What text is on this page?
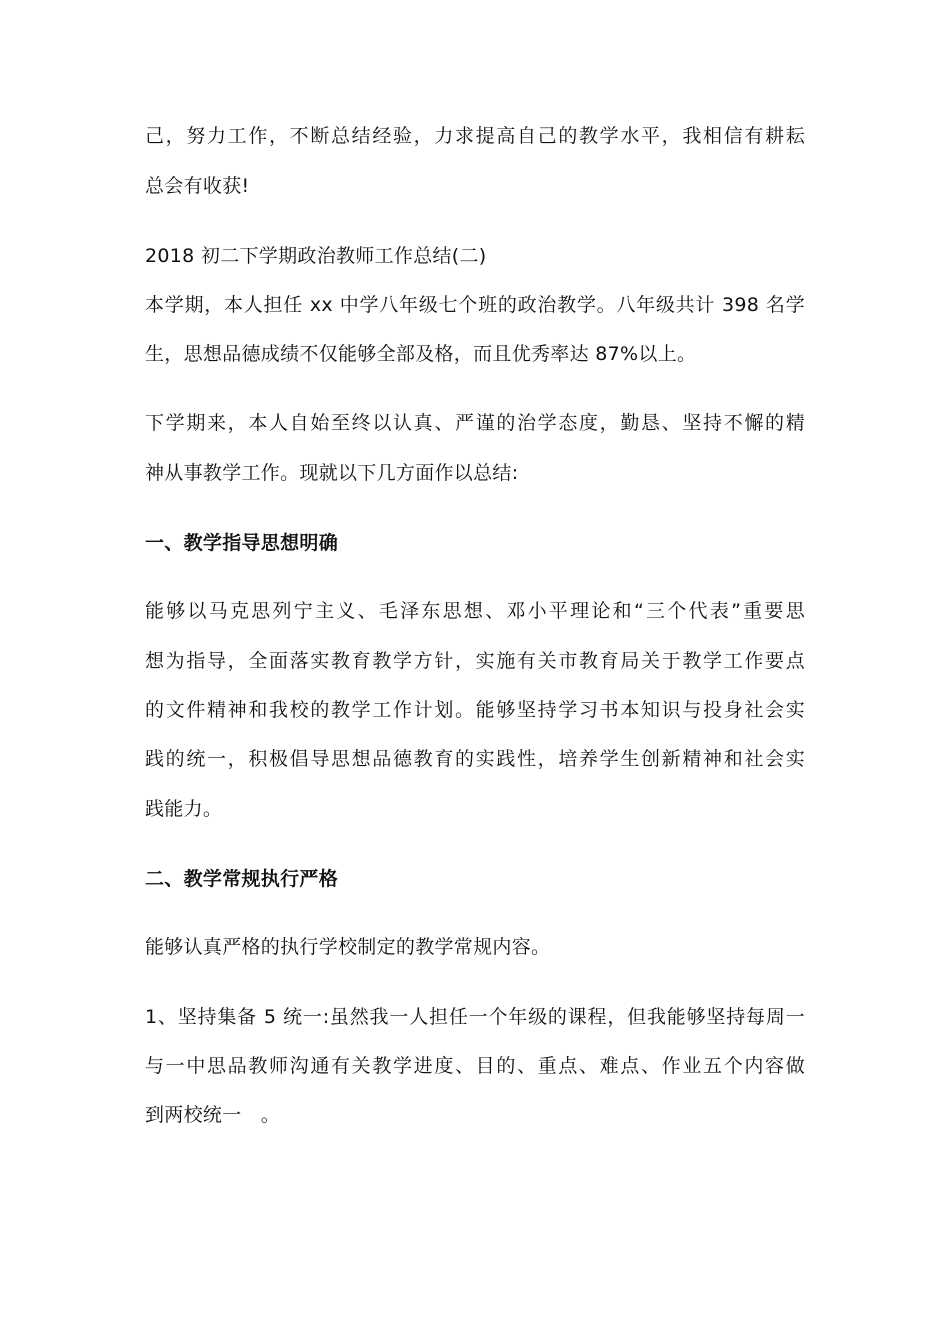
己，努力工作，不断总结经验，力求提高自己的教学水平，我相信有耕耘
总会有收获!
2018 初二下学期政治教师工作总结(二)
本学期，本人担任 xx 中学八年级七个班的政治教学。八年级共计 398 名学
生，思想品德成绩不仅能够全部及格，而且优秀率达 87%以上。
下学期来，本人自始至终以认真、严谨的治学态度，勤恳、坚持不懈的精
神从事教学工作。现就以下几方面作以总结:
一、教学指导思想明确
能够以马克思列宁主义、毛泽东思想、邓小平理论和“三个代表”重要思
想为指导，全面落实教育教学方针，实施有关市教育局关于教学工作要点
的文件精神和我校的教学工作计划。能够坚持学习书本知识与投身社会实
践的统一，积极倡导思想品德教育的实践性，培养学生创新精神和社会实
践能力。
二、教学常规执行严格
能够认真严格的执行学校制定的教学常规内容。
1、坚持集备 5 统一:虽然我一人担任一个年级的课程，但我能够坚持每周一
与一中思品教师沟通有关教学进度、目的、重点、难点、作业五个内容做
到两校统一　。
